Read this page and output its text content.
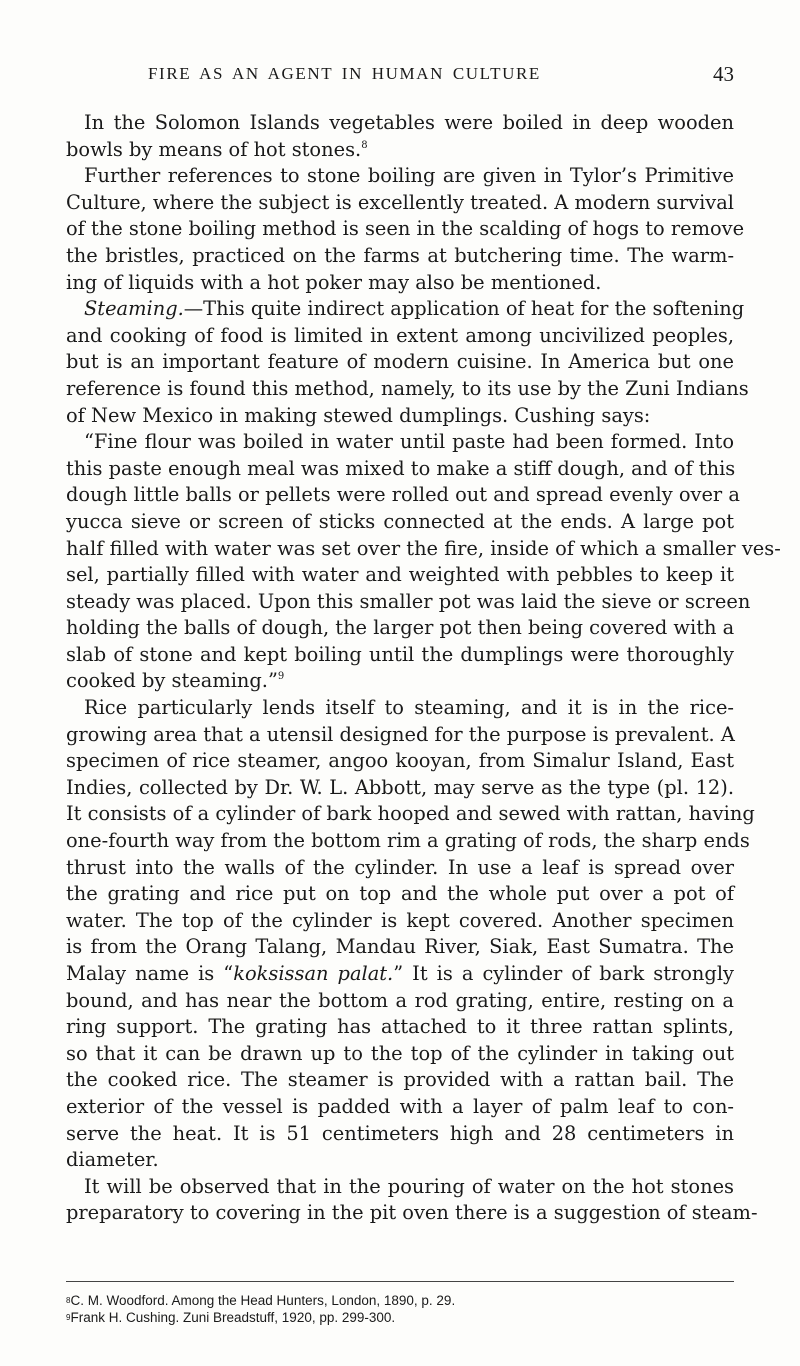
FIRE AS AN AGENT IN HUMAN CULTURE	43
In the Solomon Islands vegetables were boiled in deep wooden
bowls by means of hot stones.$^8$
Further references to stone boiling are given in Tylor’s Primitive
Culture, where the subject is excellently treated. A modern survival
of the stone boiling method is seen in the scalding of hogs to remove
the bristles, practiced on the farms at butchering time. The warm-
ing of liquids with a hot poker may also be mentioned.
Steaming.—This quite indirect application of heat for the softening
and cooking of food is limited in extent among uncivilized peoples,
but is an important feature of modern cuisine. In America but one
reference is found this method, namely, to its use by the Zuni Indians
of New Mexico in making stewed dumplings. Cushing says:
“Fine flour was boiled in water until paste had been formed. Into
this paste enough meal was mixed to make a stiff dough, and of this
dough little balls or pellets were rolled out and spread evenly over a
yucca sieve or screen of sticks connected at the ends. A large pot
half filled with water was set over the fire, inside of which a smaller ves-
sel, partially filled with water and weighted with pebbles to keep it
steady was placed. Upon this smaller pot was laid the sieve or screen
holding the balls of dough, the larger pot then being covered with a
slab of stone and kept boiling until the dumplings were thoroughly
cooked by steaming.”$^9$
Rice particularly lends itself to steaming, and it is in the rice-
growing area that a utensil designed for the purpose is prevalent. A
specimen of rice steamer, angoo kooyan, from Simalur Island, East
Indies, collected by Dr. W. L. Abbott, may serve as the type (pl. 12).
It consists of a cylinder of bark hooped and sewed with rattan, having
one-fourth way from the bottom rim a grating of rods, the sharp ends
thrust into the walls of the cylinder. In use a leaf is spread over
the grating and rice put on top and the whole put over a pot of
water. The top of the cylinder is kept covered. Another specimen
is from the Orang Talang, Mandau River, Siak, East Sumatra. The
Malay name is “koksissan palat.” It is a cylinder of bark strongly
bound, and has near the bottom a rod grating, entire, resting on a
ring support. The grating has attached to it three rattan splints,
so that it can be drawn up to the top of the cylinder in taking out
the cooked rice. The steamer is provided with a rattan bail. The
exterior of the vessel is padded with a layer of palm leaf to con-
serve the heat. It is 51 centimeters high and 28 centimeters in
diameter.
It will be observed that in the pouring of water on the hot stones
preparatory to covering in the pit oven there is a suggestion of steam-
$^8$C. M. Woodford. Among the Head Hunters, London, 1890, p. 29.
$^9$Frank H. Cushing. Zuni Breadstuff, 1920, pp. 299-300.
